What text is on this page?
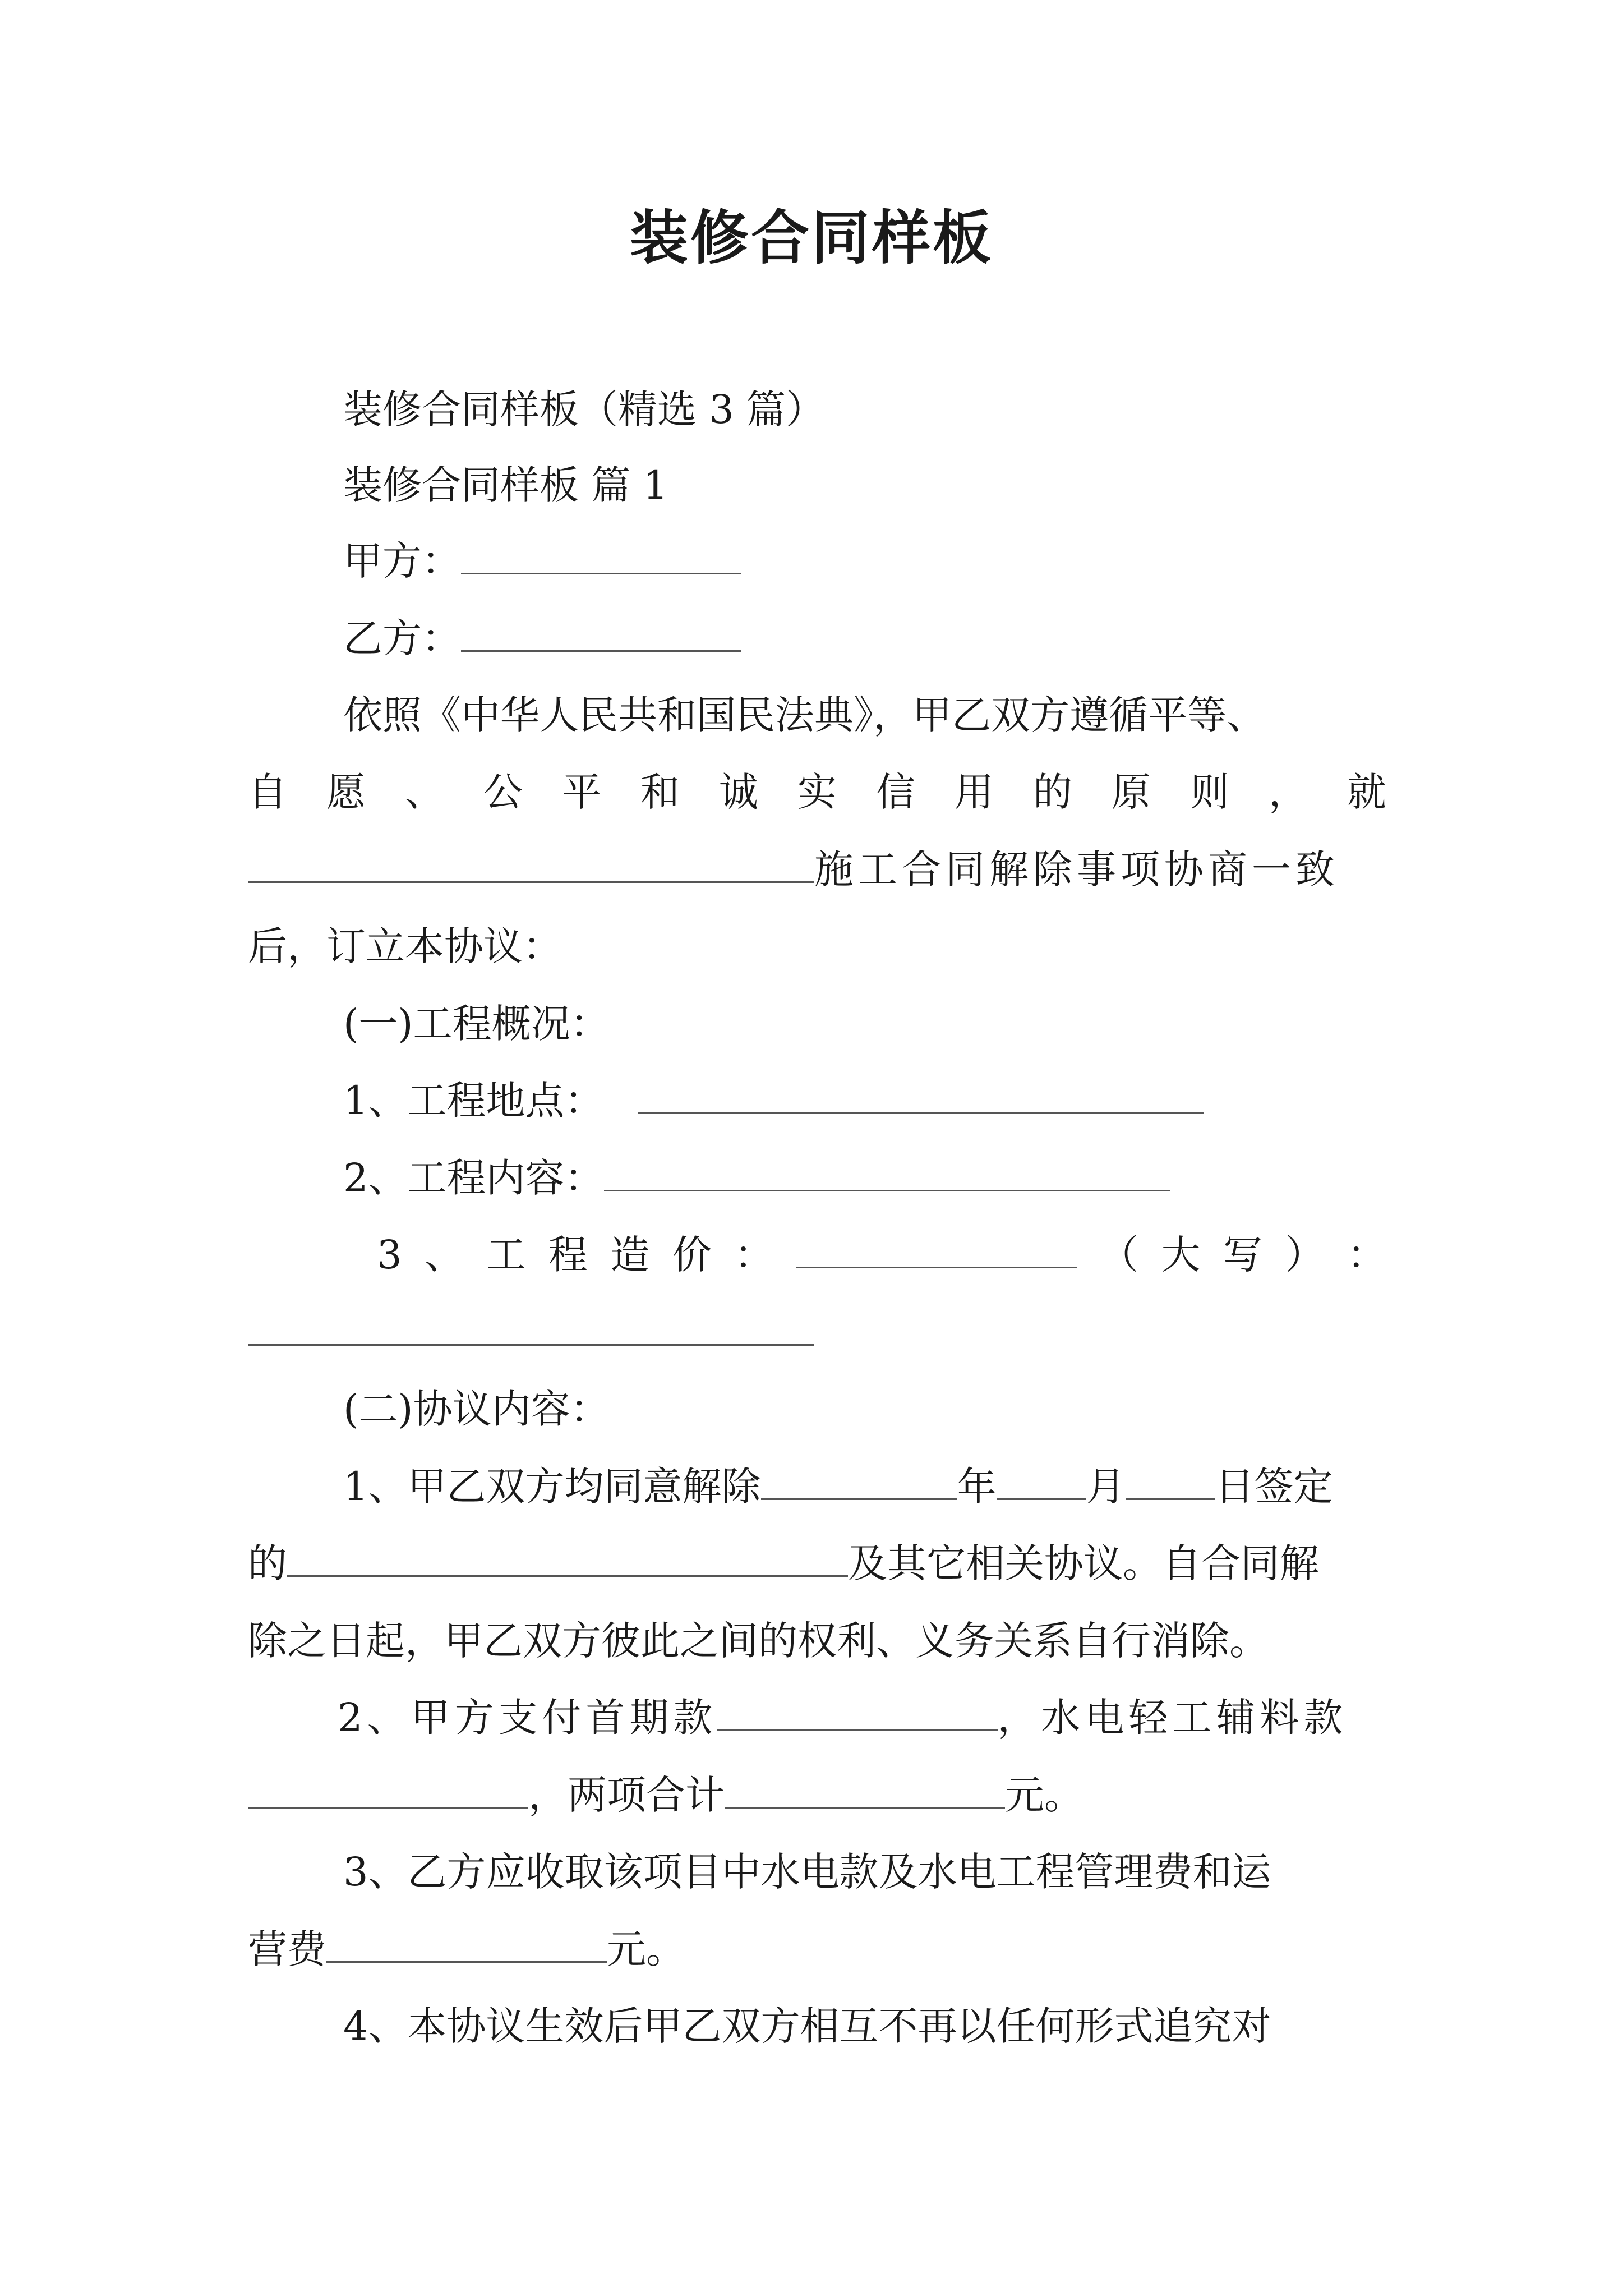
装修合同样板
装修合同样板（精选 3 篇）
装修合同样板 篇 1
甲方：
乙方：
依照《中华人民共和国民法典》，甲乙双方遵循平等、
自 愿 、 公 平 和 诚 实 信 用 的 原 则 ， 就
施工合同解除事项协商一致
后，订立本协议：
(一)工程概况：
1、工程地点：
2、工程内容：
3 、 工 程 造 价 ：	（ 大 写 ） ：
(二)协议内容：
1、甲乙双方均同意解除	年 月 日签定
的	及其它相关协议。自合同解
除之日起，甲乙双方彼此之间的权利、义务关系自行消除。
2、甲方支付首期款	，水电轻工辅料款
，两项合计	元。
3、乙方应收取该项目中水电款及水电工程管理费和运
营费	元。
4、本协议生效后甲乙双方相互不再以任何形式追究对
